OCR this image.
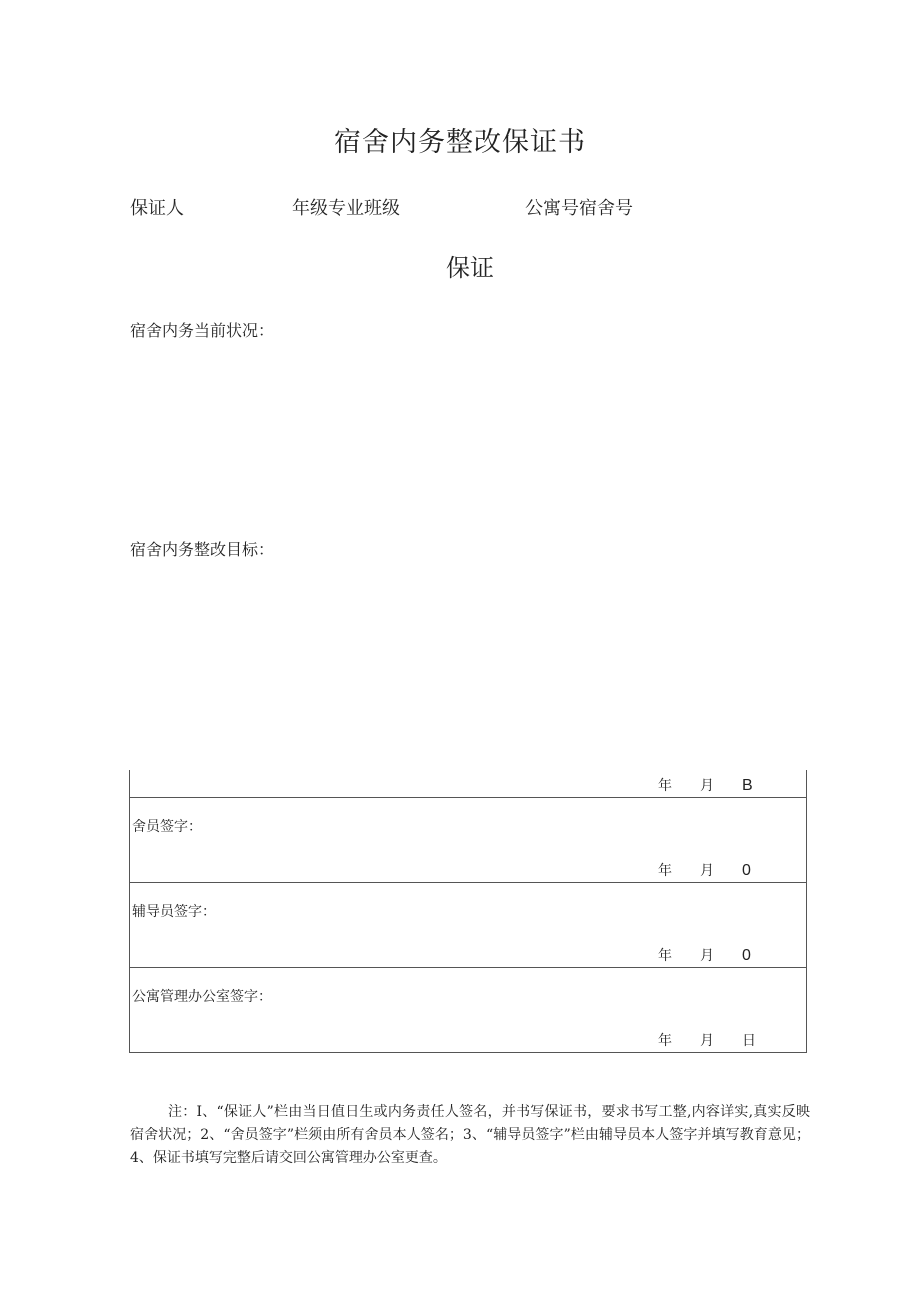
宿舍内务整改保证书
保证人	年级专业班级	公寓号宿舍号
保证
宿舍内务当前状况：
宿舍内务整改目标：
年 月 B
舍员签字：
年 月 0
辅导员签字：
年 月 0
公寓管理办公室签字：
年 月 日
注：I、“保证人”栏由当日值日生或内务责任人签名，并书写保证书，要求书写工整,内容详实,真实反映宿舍状况；2、“舍员签字”栏须由所有舍员本人签名；3、“辅导员签字”栏由辅导员本人签字并填写教育意见；4、保证书填写完整后请交回公寓管理办公室更查。
